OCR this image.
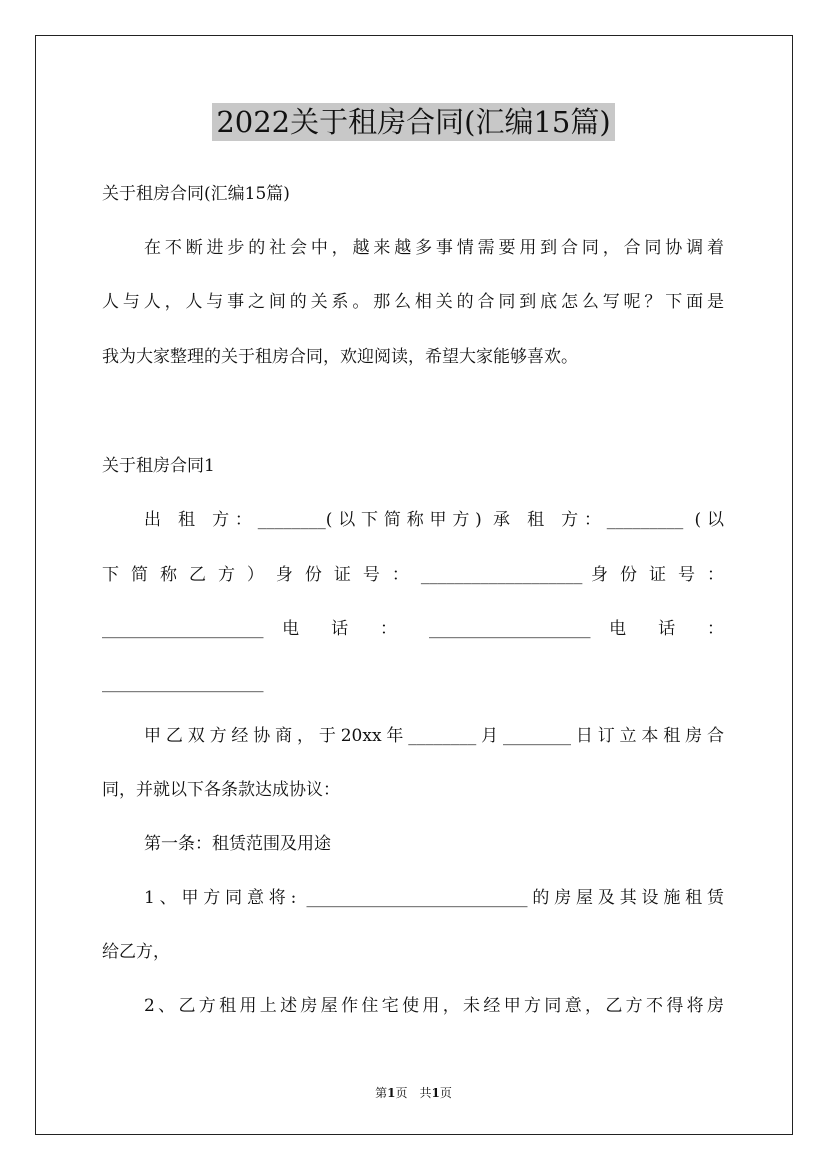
2022关于租房合同(汇编15篇)
关于租房合同(汇编15篇)
在不断进步的社会中，越来越多事情需要用到合同，合同协调着
人与人，人与事之间的关系。那么相关的合同到底怎么写呢？下面是
我为大家整理的关于租房合同，欢迎阅读，希望大家能够喜欢。
关于租房合同1
出 租 方：________(以下简称甲方) 承 租 方：_________ (以
下 简 称 乙 方 ） 身 份 证 号 ： ___________________ 身 份 证 号 ：
___________________ 电 话 ： ___________________ 电 话 ：
___________________
甲乙双方经协商，于20xx年________月________日订立本租房合
同，并就以下各条款达成协议：
第一条：租赁范围及用途
1、甲方同意将: __________________________的房屋及其设施租赁
给乙方，
2、乙方租用上述房屋作住宅使用，未经甲方同意，乙方不得将房
第1页　共1页
